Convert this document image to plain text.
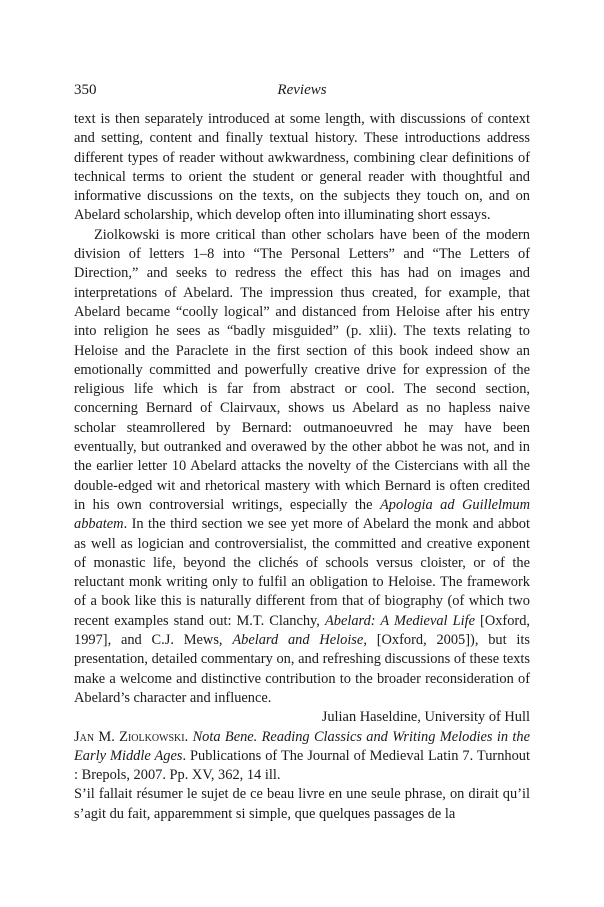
350	Reviews

text is then separately introduced at some length, with discussions of context and setting, content and finally textual history. These introductions address different types of reader without awkwardness, combining clear definitions of technical terms to orient the student or general reader with thoughtful and informative discussions on the texts, on the subjects they touch on, and on Abelard scholarship, which develop often into illuminating short essays.

Ziolkowski is more critical than other scholars have been of the modern division of letters 1–8 into “The Personal Letters” and “The Letters of Direction,” and seeks to redress the effect this has had on images and interpretations of Abelard. The impression thus created, for example, that Abelard became “coolly logical” and distanced from Heloise after his entry into religion he sees as “badly misguided” (p. xlii). The texts relating to Heloise and the Paraclete in the first section of this book indeed show an emotionally committed and powerfully creative drive for expression of the religious life which is far from abstract or cool. The second section, concerning Bernard of Clairvaux, shows us Abelard as no hapless naive scholar steamrollered by Bernard: outmanoeuvred he may have been eventually, but outranked and overawed by the other abbot he was not, and in the earlier letter 10 Abelard attacks the novelty of the Cistercians with all the double-edged wit and rhetorical mastery with which Bernard is often credited in his own controversial writings, especially the Apologia ad Guillelmum abbatem. In the third section we see yet more of Abelard the monk and abbot as well as logician and controversialist, the committed and creative exponent of monastic life, beyond the clichés of schools versus cloister, or of the reluctant monk writing only to fulfil an obligation to Heloise. The framework of a book like this is naturally different from that of biography (of which two recent examples stand out: M.T. Clanchy, Abelard: A Medieval Life [Oxford, 1997], and C.J. Mews, Abelard and Heloise, [Oxford, 2005]), but its presentation, detailed commentary on, and refreshing discussions of these texts make a welcome and distinctive contribution to the broader reconsideration of Abelard’s character and influence.

Julian Haseldine, University of Hull

Jan M. Ziolkowski. Nota Bene. Reading Classics and Writing Melodies in the Early Middle Ages. Publications of The Journal of Medieval Latin 7. Turnhout : Brepols, 2007. Pp. XV, 362, 14 ill.

S’il fallait résumer le sujet de ce beau livre en une seule phrase, on dirait qu’il s’agit du fait, apparemment si simple, que quelques passages de la
